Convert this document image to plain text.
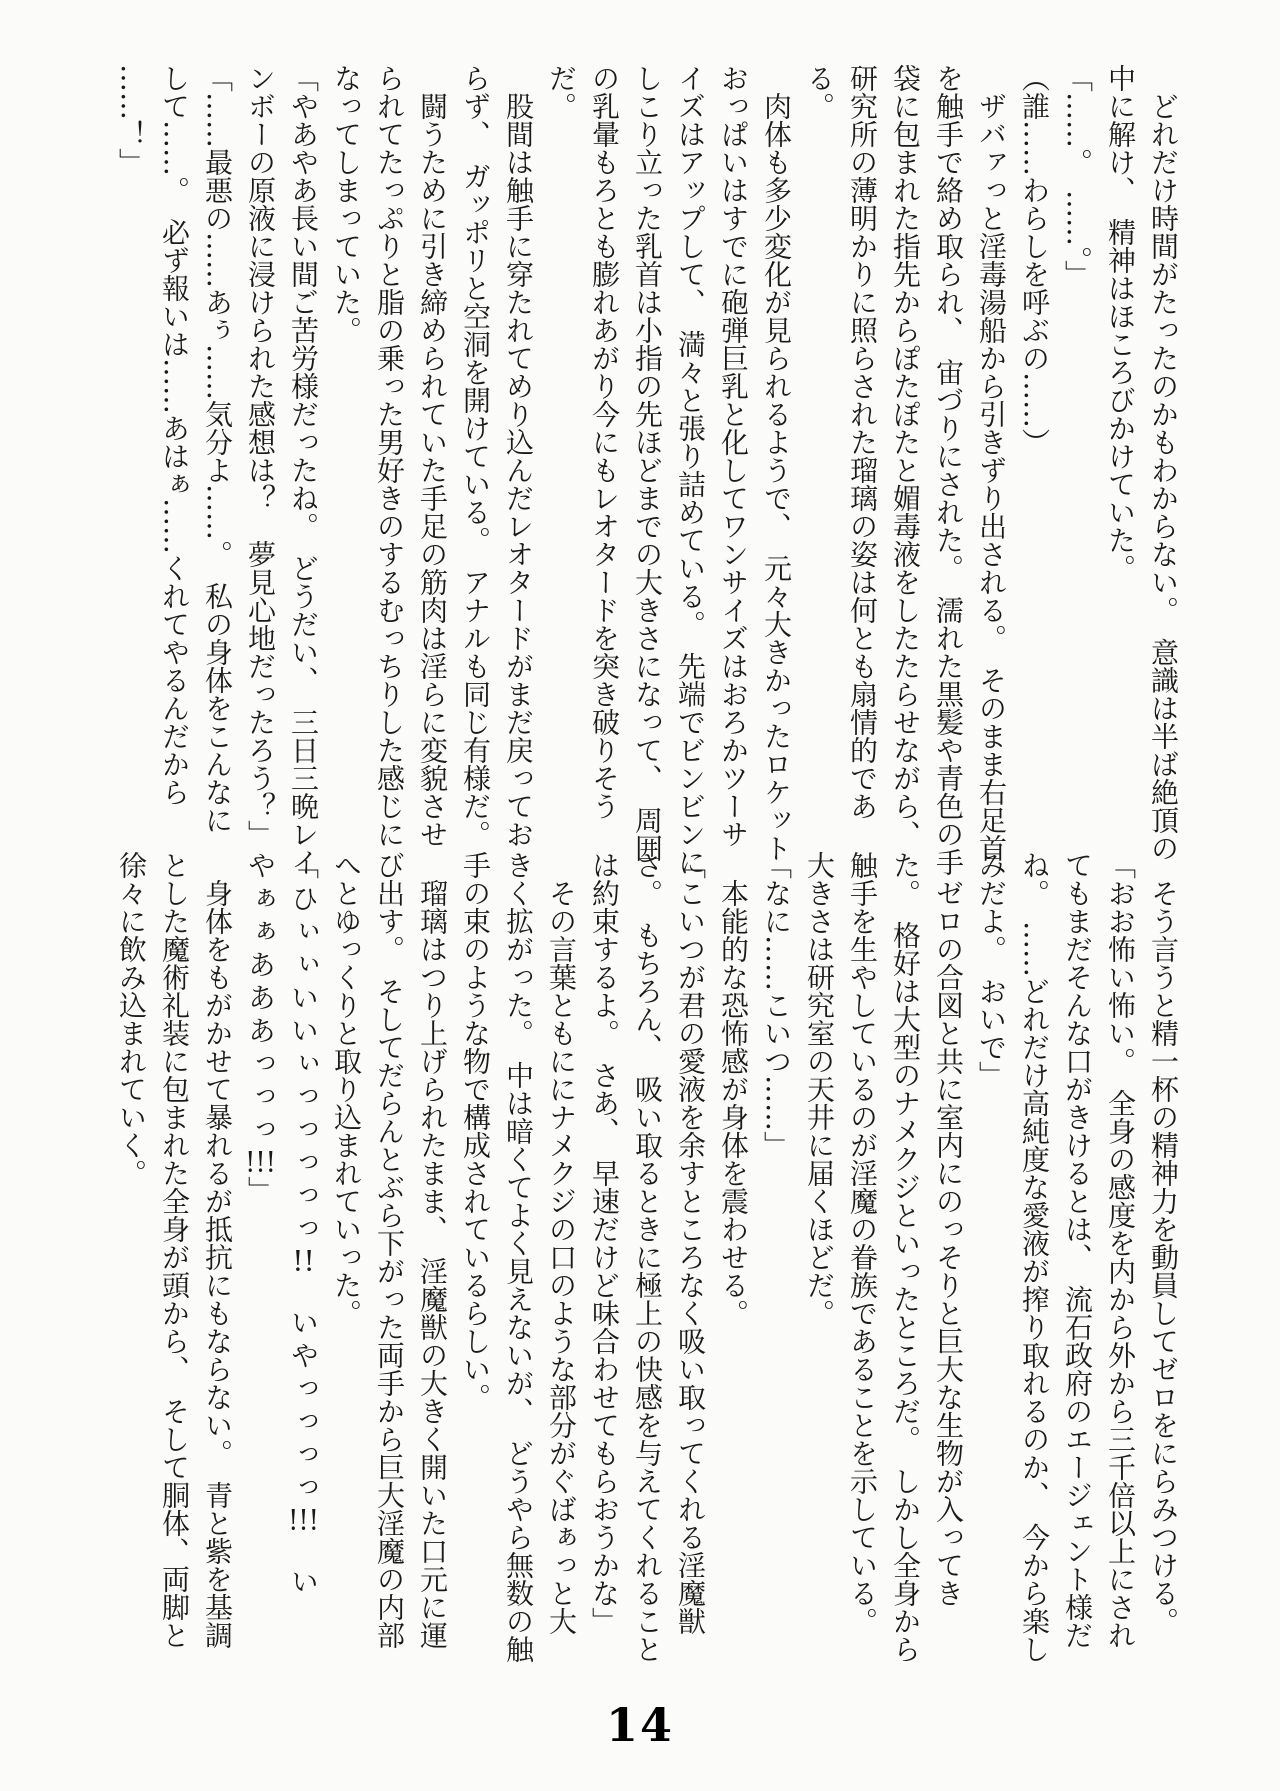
　どれだけ時間がたったのかもわからない。　意識は半ば絶頂の
中に解け、　精神はほころびかけていた。
「……。　……。」
（誰……わらしを呼ぶの……）
　ザバァっと淫毒湯船から引きずり出される。　そのまま右足首
を触手で絡め取られ、　宙づりにされた。　濡れた黒髪や青色の手
袋に包まれた指先からぽたぽたと媚毒液をしたたらせながら、
研究所の薄明かりに照らされた瑠璃の姿は何とも扇情的であ
る。
　肉体も多少変化が見られるようで、　元々大きかったロケット
おっぱいはすでに砲弾巨乳と化してワンサイズはおろかツーサ
イズはアップして、　満々と張り詰めている。　先端でビンビンに
しこり立った乳首は小指の先ほどまでの大きさになって、　周囲
の乳暈もろとも膨れあがり今にもレオタードを突き破りそう
だ。
　股間は触手に穿たれてめり込んだレオタードがまだ戻ってお
らず、　ガッポリと空洞を開けている。　アナルも同じ有様だ。
　闘うために引き締められていた手足の筋肉は淫らに変貌させ
られてたっぷりと脂の乗った男好きのするむっちりした感じに
なってしまっていた。
「やあやあ長い間ご苦労様だったね。　どうだい、　三日三晩レイ
ンボーの原液に浸けられた感想は？　夢見心地だったろう？」
「……最悪の……あぅ……気分よ……。　私の身体をこんなに
して……。　必ず報いは……あはぁ……くれてやるんだから
……！」
　そう言うと精一杯の精神力を動員してゼロをにらみつける。
「おお怖い怖い。　全身の感度を内から外から三千倍以上にされ
てもまだそんな口がきけるとは、　流石政府のエージェント様だ
ね。　……どれだけ高純度な愛液が搾り取れるのか、　今から楽し
みだよ。　おいで」
　ゼロの合図と共に室内にのっそりと巨大な生物が入ってき
た。　格好は大型のナメクジといったところだ。　しかし全身から
触手を生やしているのが淫魔の眷族であることを示している。
大きさは研究室の天井に届くほどだ。
「なに……こいつ……」
　本能的な恐怖感が身体を震わせる。
「こいつが君の愛液を余すところなく吸い取ってくれる淫魔獣
さ。　もちろん、　吸い取るときに極上の快感を与えてくれること
は約束するよ。　さあ、　早速だけど味合わせてもらおうかな」
　その言葉ともににナメクジの口のような部分がぐばぁっと大
きく拡がった。　中は暗くてよく見えないが、　どうやら無数の触
手の束のような物で構成されているらしい。
　瑠璃はつり上げられたまま、　淫魔獣の大きく開いた口元に運
び出す。　そしてだらんとぶら下がった両手から巨大淫魔の内部
へとゆっくりと取り込まれていった。
「ひぃぃいいぃっっっっっ!!　いやっっっっ!!!　い
やぁぁあああっっっ!!!」
　身体をもがかせて暴れるが抵抗にもならない。　青と紫を基調
とした魔術礼装に包まれた全身が頭から、　そして胴体、両脚と
徐々に飲み込まれていく。
14
